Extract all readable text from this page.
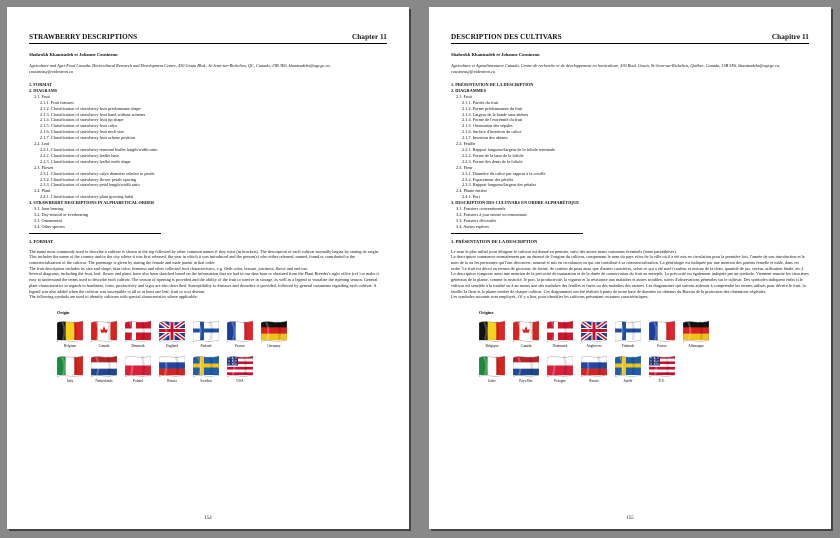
STRAWBERRY DESCRIPTIONS	Chapter 11
Shahrokh Khanizadeh et Johanne Cousineau
Agriculture and Agri-Food Canada, Horticultural Research and Development Centre, 430 Gouin Blvd., St-Jean-sur-Richelieu, QC, Canada, J3B 3E6, khanizadehs@agr.gc.ca, cousineauj@videotron.ca
1. FORMAT
2. DIAGRAMS
2.1. Fruit
2.1.1. Fruit features
2.1.2. Classification of strawberry fruit predominant shape
2.1.3. Classification of strawberry fruit band without achenes
2.1.4. Classification of strawberry fruit tip shape
2.1.5. Classification of strawberry fruit calyx
2.1.6. Classification of strawberry fruit neck size
2.1.7. Classification of strawberry fruit achene position
2.2. Leaf
2.2.1. Classification of strawberry terminal leaflet length/width ratio
2.2.2. Classification of strawberry leaflet base
2.2.3. Classification of strawberry leaflet teeth shape
2.3. Flower
2.3.1. Classification of strawberry calyx diameter relative to petals
2.3.2. Classification of strawberry flower petals spacing
2.3.3. Classification of strawberry petal length/width ratio
2.4. Plant
2.4.1. Classification of strawberry plant growing habit
3. STRAWBERRY DESCRIPTIONS IN ALPHABETICAL ORDER
3.1. June bearing
3.2. Day-neutral or everbearing
3.3. Ornamental
3.4. Other species
1. FORMAT

The name most commonly used to describe a cultivar is shown at the top followed by other common names if they exist (in brackets). The description of each cultivar normally begins by stating its origin. This includes the name of the country and/or the city where it was first released, the year in which it was introduced and the person(s) who either released, named, found or contributed to the commercialization of the cultivar. The parentage is given by stating the female and male parent in that order.

The fruit description includes its size and shape, skin color, firmness and other collected fruit characteristics, e.g. flesh color, texture, juiciness, flavor and end use.

Several diagrams, including the fruit, leaf, flower and plant, have also been sketched based on the information that we had in our data base or obtained from the Plant Breeder's right office (ref.) to make it easy to understand the terms used to describe each cultivar. The season of ripening is provided and the ability of the fruit to survive in storage, as well as a legend to visualize the ripening season. General plant characteristics in regards to hardiness, form, productivity and vigor are also described. Susceptibility to diseases and disorders is provided, followed by general comments regarding each cultivar. A legend was also added when the cultivar was susceptible to all or at least one leaf, fruit or root disease.

The following symbols are used to identify cultivars with special characteristics where applicable:

Origin
Belgium	Canada	Denmark	England	Finland	France	Germany
Italy	Netherlands	Poland	Russia	Sweden	USA
154
DESCRIPTION DES CULTIVARS	Chapitre 11
Shahrokh Khanizadeh et Johanne Cousineau
Agriculture et Agroalimentaire Canada, Centre de recherche et de développement en horticulture, 430 Boul. Gouin, St-Jean-sur-Richelieu, Québec, Canada, J3B 3E6, khanizadehs@agr.gc.ca, cousineauj@videotron.ca
1. PRÉSENTATION DE LA DESCRIPTION
2. DIAGRAMMES
2.1. Fruit
2.1.1. Parties du fruit
2.1.2. Forme prédominante du fruit
2.1.3. Largeur de la bande sans akènes
2.1.4. Forme de l'extrémité du fruit
2.1.5. Orientation des sépales
2.1.6. Surface d'insertion du calice
2.1.7. Insertion des akènes
2.2. Feuille
2.2.1. Rapport longueur/largeur de la foliole terminale
2.2.2. Forme de la base de la foliole
2.2.3. Forme des dents de la foliole
2.3. Fleur
2.3.1. Diamètre du calice par rapport à la corolle
2.3.2. Espacement des pétales
2.3.3. Rapport longueur/largeur des pétales
2.4. Plante entière
2.4.1. Port
3. DESCRIPTION DES CULTIVARS EN ORDRE ALPHABÉTIQUE
3.1. Fraisiers conventionnels
3.2. Fraisiers à jour neutre ou remontants
3.3. Fraisiers décoratifs
3.4. Autres espèces
1. PRÉSENTATION DE LA DESCRIPTION

Le nom le plus utilisé pour désigner le cultivar est donné en premier, suivi des autres noms communs éventuels (entre parenthèses).

La description commence normalement par un énoncé de l'origine du cultivar, comprenant le nom du pays et/ou de la ville où il a été mis en circulation pour la première fois, l'année de son introduction et le nom de la ou les personnes qui l'ont découvert, nommé et mis en circulation ou qui ont contribué à sa commercialisation. La généalogie est indiquée par une mention des parents femelle et mâle, dans cet ordre. Le fruit est décrit en termes de grosseur, de forme, de couleur de peau ainsi que d'autres caractères, selon ce qui a été noté (couleur et texture de la chair, quantité de jus, saveur, utilisation finale, etc.).

La description comporte aussi une mention de la précocité de maturation et de la durée de conservation du fruit en entrepôt. La précocité est également indiquée par un symbole. Viennent ensuite les caractères généraux de la plante, comme la rusticité, le port, la productivité, la vigueur et la résistance aux maladies et autres troubles, suivis d'observations générales sur le cultivar. Des symboles indiquent enfin si le cultivar est sensible à la totalité ou à au moins une des maladies des feuilles et fruits ou des maladies des racines. Les diagrammes qui suivent aideront à comprendre les termes utilisés pour décrire le fruit, la feuille, la fleur et la plante entière de chaque cultivar. Ces diagrammes ont été réalisés à partir de notre base de données ou obtenus du Bureau de la protection des obtentions végétales.

Les symboles suivants sont employés, s'il y a lieu, pour identifier les cultivars présentant certaines caractéristiques.

Origine
Belgique	Canada	Danemark	Angleterre	Finlande	France	Allemagne
Italie	Pays-Bas	Pologne	Russie	Suède	É.U.
155
